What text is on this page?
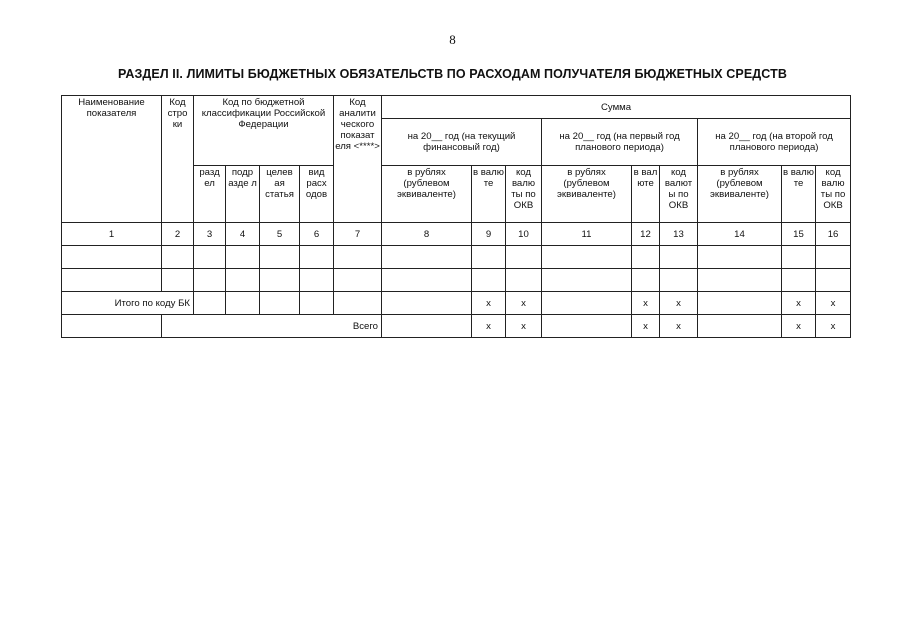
8
РАЗДЕЛ II. ЛИМИТЫ БЮДЖЕТНЫХ ОБЯЗАТЕЛЬСТВ ПО РАСХОДАМ ПОЛУЧАТЕЛЯ БЮДЖЕТНЫХ СРЕДСТВ
Наименование показателя	Код стро ки	Код по бюджетной классификации Российской Федерации				Код аналити ческого показат еля <****>	Сумма								
							на 20__ год (на текущий финансовый год)			на 20__ год (на первый год планового периода)			на 20__ год (на второй год планового периода)		
		разд ел	подр азде л	целев ая статья	вид расх одов		в рублях (рублевом эквиваленте)	в валю те	код валю ты по ОКВ	в рублях (рублевом эквиваленте)	в вал юте	код валют ы по ОКВ	в рублях (рублевом эквиваленте)	в валю те	код валю ты по ОКВ
1	2	3	4	5	6	7	8	9	10	11	12	13	14	15	16

Итого по коду БК								x	x		x	x		x	x
	Всего							x	x		x	x		x	x
